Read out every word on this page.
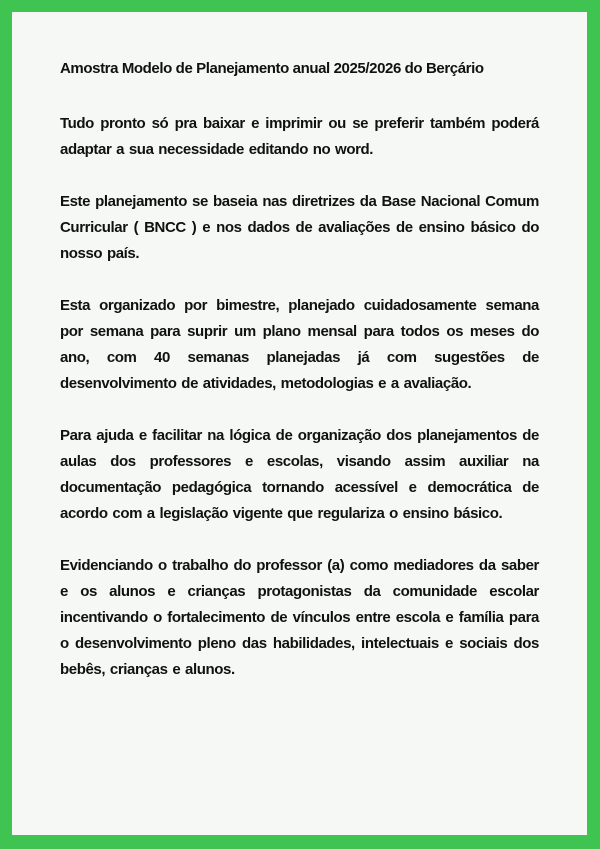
Amostra Modelo de Planejamento anual 2025/2026 do Berçário

Tudo pronto só pra baixar e imprimir ou se preferir também poderá adaptar a sua necessidade editando no word.

Este planejamento se baseia nas diretrizes da Base Nacional Comum Curricular ( BNCC ) e nos dados de avaliações de ensino básico do nosso país.

Esta organizado por bimestre, planejado cuidadosamente semana por semana para suprir um plano mensal para todos os meses do ano, com 40 semanas planejadas já com sugestões de desenvolvimento de atividades, metodologias e a avaliação.

Para ajuda e facilitar na lógica de organização dos planejamentos de aulas dos professores e escolas, visando assim auxiliar na documentação pedagógica tornando acessível e democrática de acordo com a legislação vigente que regulariza o ensino básico.

Evidenciando o trabalho do professor (a) como mediadores da saber e os alunos e crianças protagonistas da comunidade escolar incentivando o fortalecimento de vínculos entre escola e família para o desenvolvimento pleno das habilidades, intelectuais e sociais dos bebês, crianças e alunos.
